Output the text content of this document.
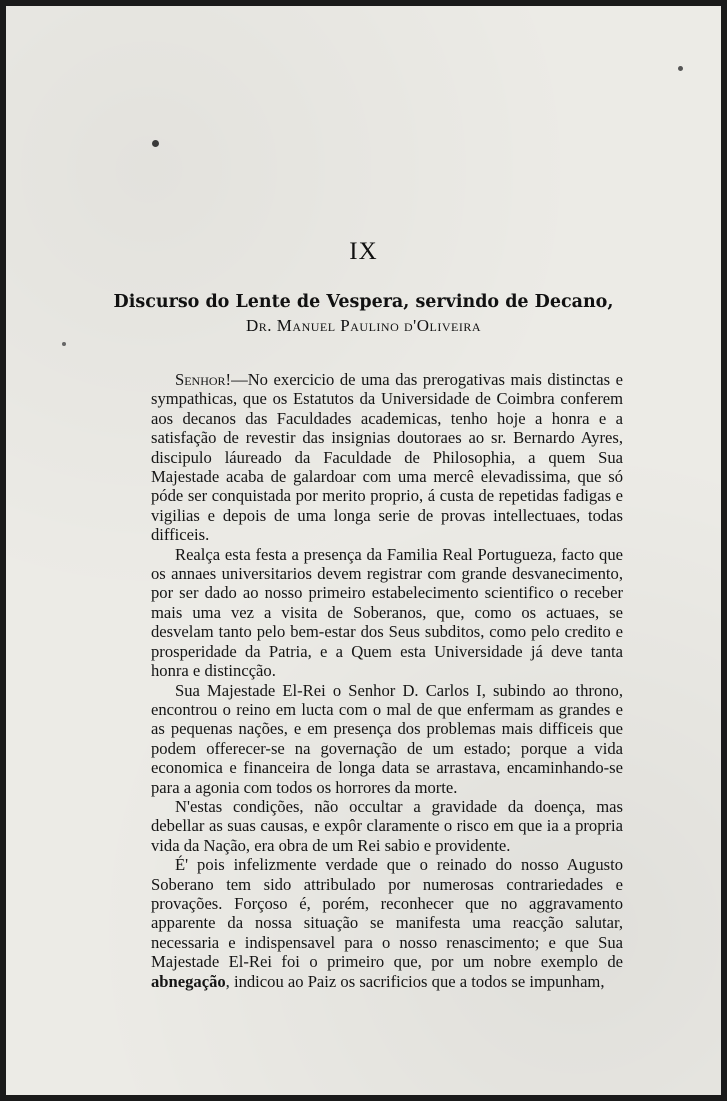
IX
Discurso do Lente de Vespera, servindo de Decano,
Dr. Manuel Paulino d'Oliveira

Senhor!—No exercicio de uma das prerogativas mais distinctas e sympathicas, que os Estatutos da Universidade de Coimbra conferem aos decanos das Faculdades academicas, tenho hoje a honra e a satisfação de revestir das insignias doutoraes ao sr. Bernardo Ayres, discipulo láureado da Faculdade de Philosophia, a quem Sua Majestade acaba de galardoar com uma mercê elevadissima, que só póde ser conquistada por merito proprio, á custa de repetidas fadigas e vigilias e depois de uma longa serie de provas intellectuaes, todas difficeis.

Realça esta festa a presença da Familia Real Portugueza, facto que os annaes universitarios devem registrar com grande desvanecimento, por ser dado ao nosso primeiro estabelecimento scientifico o receber mais uma vez a visita de Soberanos, que, como os actuaes, se desvelam tanto pelo bem-estar dos Seus subditos, como pelo credito e prosperidade da Patria, e a Quem esta Universidade já deve tanta honra e distincção.

Sua Majestade El-Rei o Senhor D. Carlos I, subindo ao throno, encontrou o reino em lucta com o mal de que enfermam as grandes e as pequenas nações, e em presença dos problemas mais difficeis que podem offerecer-se na governação de um estado; porque a vida economica e financeira de longa data se arrastava, encaminhando-se para a agonia com todos os horrores da morte.

N'estas condições, não occultar a gravidade da doença, mas debellar as suas causas, e expôr claramente o risco em que ia a propria vida da Nação, era obra de um Rei sabio e providente.

É' pois infelizmente verdade que o reinado do nosso Augusto Soberano tem sido attribulado por numerosas contrariedades e provações. Forçoso é, porém, reconhecer que no aggravamento apparente da nossa situação se manifesta uma reacção salutar, necessaria e indispensavel para o nosso renascimento; e que Sua Majestade El-Rei foi o primeiro que, por um nobre exemplo de abnegação, indicou ao Paiz os sacrificios que a todos se impunham,
